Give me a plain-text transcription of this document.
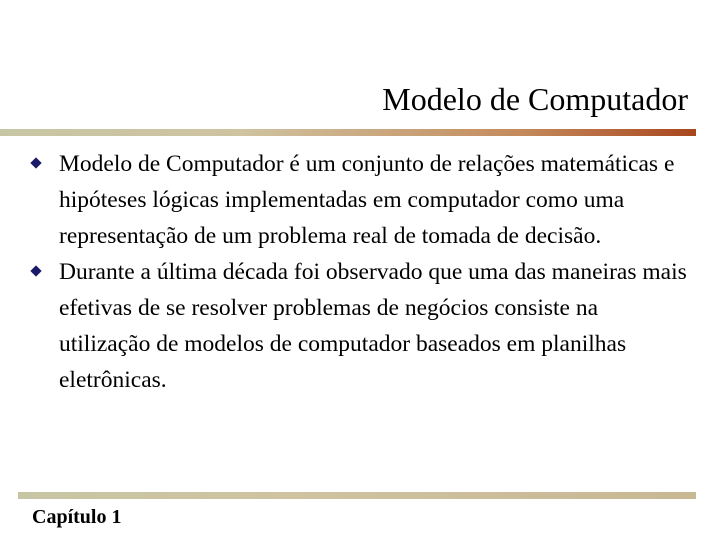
Modelo de Computador
Modelo de Computador é um conjunto de relações matemáticas e hipóteses lógicas implementadas em computador como uma representação de um problema real de tomada de decisão.
Durante a última década foi observado que uma das maneiras mais efetivas de se resolver problemas de negócios consiste na utilização de modelos de computador baseados em planilhas eletrônicas.
Capítulo 1
